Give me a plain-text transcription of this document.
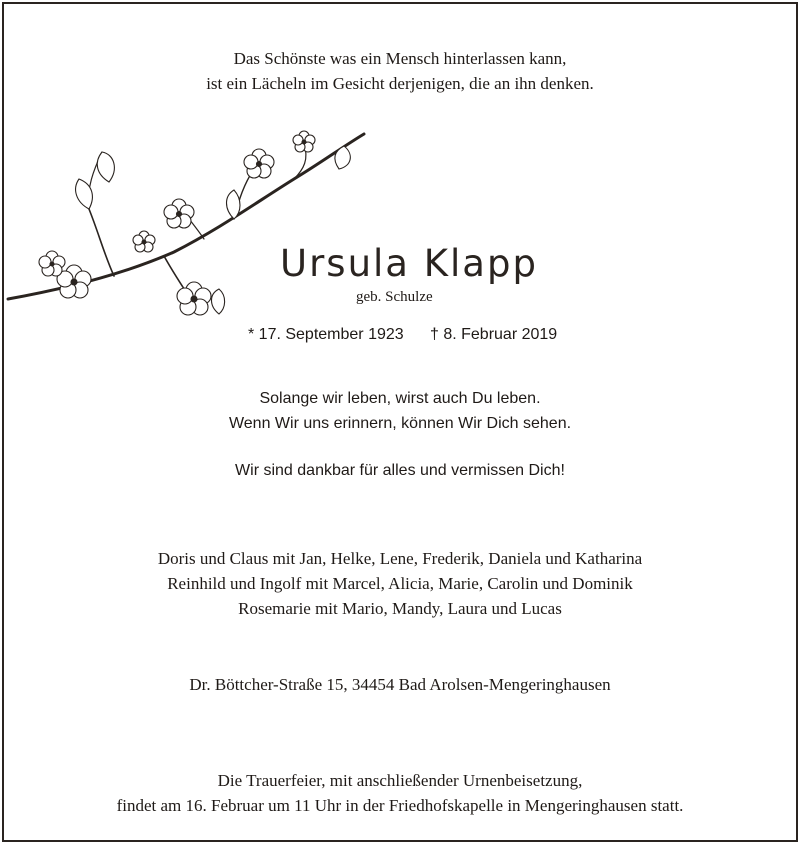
Das Schönste was ein Mensch hinterlassen kann,
ist ein Lächeln im Gesicht derjenigen, die an ihn denken.
Ursula Klapp
geb. Schulze
* 17. September 1923 † 8. Februar 2019
Solange wir leben, wirst auch Du leben.
Wenn Wir uns erinnern, können Wir Dich sehen.
Wir sind dankbar für alles und vermissen Dich!
Doris und Claus mit Jan, Helke, Lene, Frederik, Daniela und Katharina
Reinhild und Ingolf mit Marcel, Alicia, Marie, Carolin und Dominik
Rosemarie mit Mario, Mandy, Laura und Lucas
Dr. Böttcher-Straße 15, 34454 Bad Arolsen-Mengeringhausen
Die Trauerfeier, mit anschließender Urnenbeisetzung,
findet am 16. Februar um 11 Uhr in der Friedhofskapelle in Mengeringhausen statt.
